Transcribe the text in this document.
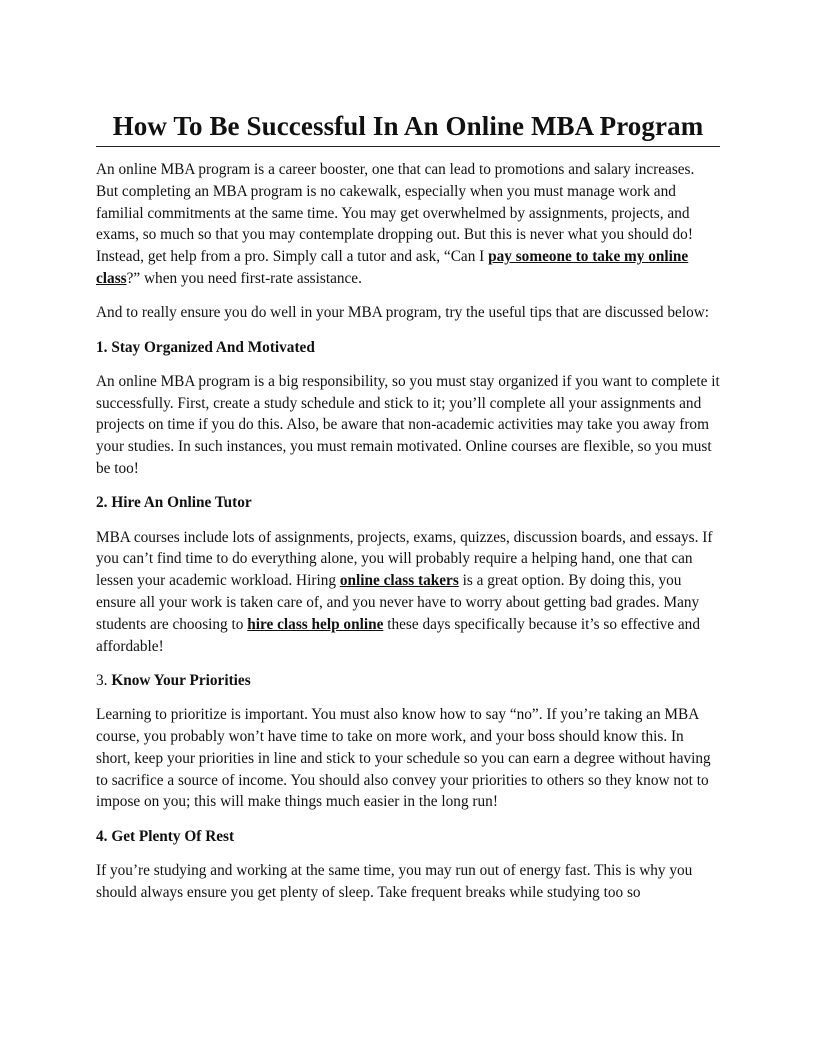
How To Be Successful In An Online MBA Program

An online MBA program is a career booster, one that can lead to promotions and salary increases. But completing an MBA program is no cakewalk, especially when you must manage work and familial commitments at the same time. You may get overwhelmed by assignments, projects, and exams, so much so that you may contemplate dropping out. But this is never what you should do! Instead, get help from a pro. Simply call a tutor and ask, “Can I pay someone to take my online class?” when you need first-rate assistance.

And to really ensure you do well in your MBA program, try the useful tips that are discussed below:

1. Stay Organized And Motivated

An online MBA program is a big responsibility, so you must stay organized if you want to complete it successfully. First, create a study schedule and stick to it; you’ll complete all your assignments and projects on time if you do this. Also, be aware that non-academic activities may take you away from your studies. In such instances, you must remain motivated. Online courses are flexible, so you must be too!

2. Hire An Online Tutor

MBA courses include lots of assignments, projects, exams, quizzes, discussion boards, and essays. If you can’t find time to do everything alone, you will probably require a helping hand, one that can lessen your academic workload. Hiring online class takers is a great option. By doing this, you ensure all your work is taken care of, and you never have to worry about getting bad grades. Many students are choosing to hire class help online these days specifically because it’s so effective and affordable!

3. Know Your Priorities

Learning to prioritize is important. You must also know how to say “no”. If you’re taking an MBA course, you probably won’t have time to take on more work, and your boss should know this. In short, keep your priorities in line and stick to your schedule so you can earn a degree without having to sacrifice a source of income. You should also convey your priorities to others so they know not to impose on you; this will make things much easier in the long run!

4. Get Plenty Of Rest

If you’re studying and working at the same time, you may run out of energy fast. This is why you should always ensure you get plenty of sleep. Take frequent breaks while studying too so
